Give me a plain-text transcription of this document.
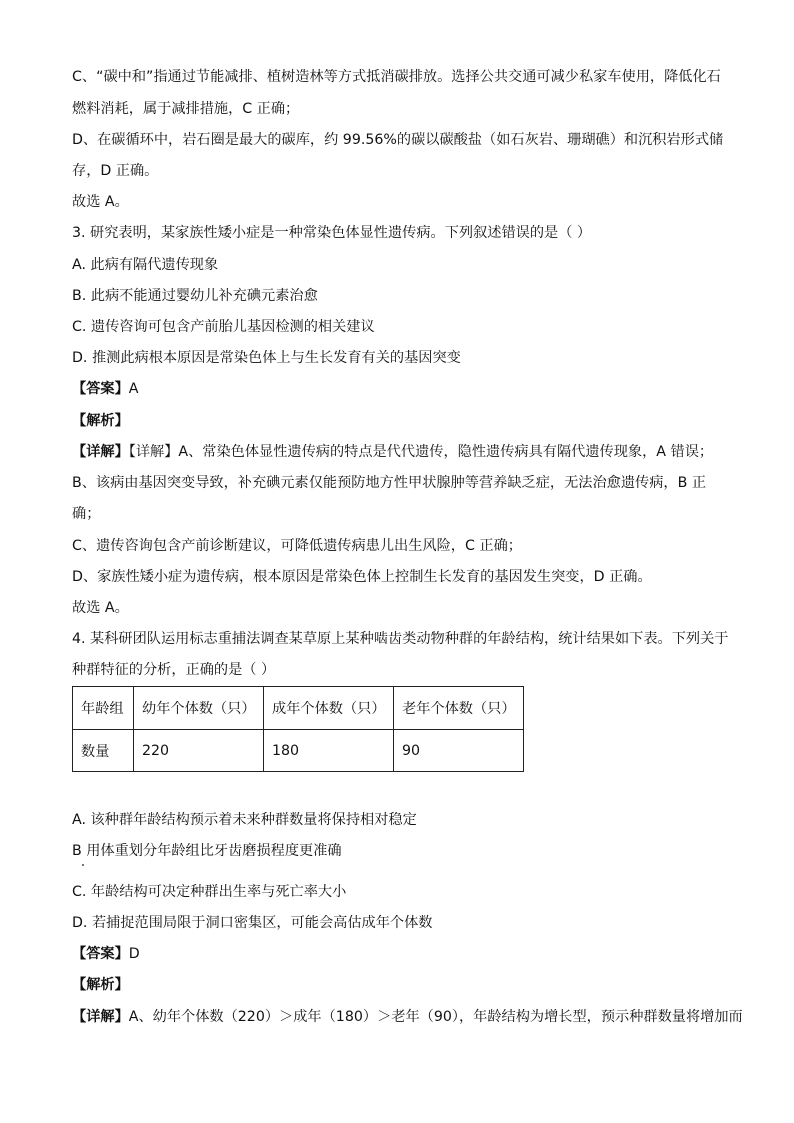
C、“碳中和”指通过节能减排、植树造林等方式抵消碳排放。选择公共交通可减少私家车使用，降低化石
燃料消耗，属于减排措施，C 正确；
D、在碳循环中，岩石圈是最大的碳库，约 99.56%的碳以碳酸盐（如石灰岩、珊瑚礁）和沉积岩形式储
存，D 正确。
故选 A。
3. 研究表明，某家族性矮小症是一种常染色体显性遗传病。下列叙述错误的是（ ）
A. 此病有隔代遗传现象
B. 此病不能通过婴幼儿补充碘元素治愈
C. 遗传咨询可包含产前胎儿基因检测的相关建议
D. 推测此病根本原因是常染色体上与生长发育有关的基因突变
【答案】A
【解析】
【详解】【详解】A、常染色体显性遗传病的特点是代代遗传，隐性遗传病具有隔代遗传现象，A 错误；
B、该病由基因突变导致，补充碘元素仅能预防地方性甲状腺肿等营养缺乏症，无法治愈遗传病，B 正
确；
C、遗传咨询包含产前诊断建议，可降低遗传病患儿出生风险，C 正确；
D、家族性矮小症为遗传病，根本原因是常染色体上控制生长发育的基因发生突变，D 正确。
故选 A。
4. 某科研团队运用标志重捕法调查某草原上某种啮齿类动物种群的年龄结构，统计结果如下表。下列关于
种群特征的分析，正确的是（ ）
年龄组	幼年个体数（只）	成年个体数（只）	老年个体数（只）
数量	220	180	90
A. 该种群年龄结构预示着未来种群数量将保持相对稳定
B 用体重划分年龄组比牙齿磨损程度更准确
C. 年龄结构可决定种群出生率与死亡率大小
D. 若捕捉范围局限于洞口密集区，可能会高估成年个体数
【答案】D
【解析】
【详解】A、幼年个体数（220）＞成年（180）＞老年（90），年龄结构为增长型，预示种群数量将增加而
